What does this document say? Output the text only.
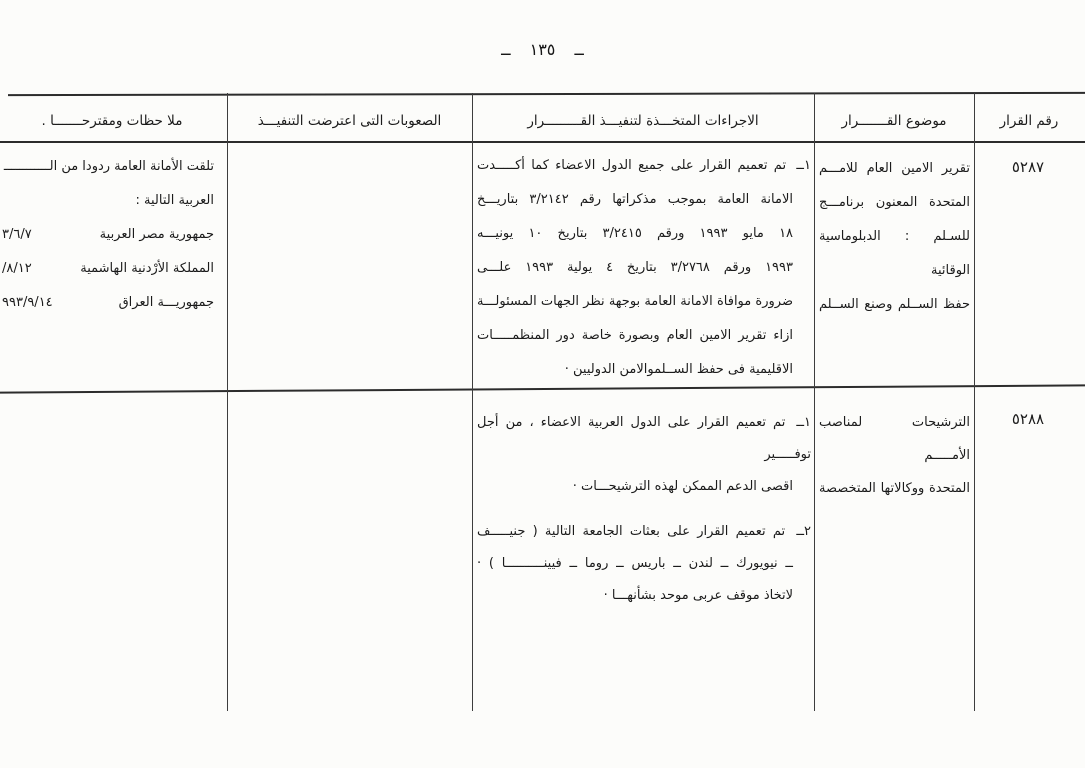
ــ ١٣٥ ــ
رقم القرار
موضوع القـــــــرار
الاجراءات المتخـــذة لتنفيـــذ القـــــــــرار
الصعوبات التى اعترضت التنفيـــذ
ملا حظات ومقترحـــــــا .
٥٢٨٧
تقرير الامين العام للامـــم
المتحدة المعنون برنامـــج
للسـلم : الدبلوماسية الوقائية
حفظ الســلم وصنع الســلم
١ــ تم تعميم القرار على جميع الدول الاعضاء كما أكـــــدت
الامانة العامة بموجب مذكراتها رقم ٣/٢١٤٢ بتاريـــخ
١٨ مايو ١٩٩٣ ورقم ٣/٢٤١٥ بتاريخ ١٠ يونيـــه
١٩٩٣ ورقم ٣/٢٧٦٨ بتاريخ ٤ يولية ١٩٩٣ علـــى
ضرورة موافاة الامانة العامة بوجهة نظر الجهات المسئولـــة
ازاء تقرير الامين العام وبصورة خاصة دور المنظمـــــات
الاقليمية فى حفظ الســلموالامن الدوليين ·
تلقت الأمانة العامة ردودا من الــــــــــــ
العربية التالية :
جمهورية مصر العربية
٣/٦/٧
المملكة الأرْدنية الهاشمية
/٨/١٢
جمهوريـــة العراق
٩٩٣/٩/١٤
٥٢٨٨
الترشيحات لمناصب الأمـــــم
المتحدة ووكالاتها المتخصصة
١ــ تم تعميم القرار على الدول العربية الاعضاء ، من أجل توفـــــير
اقصى الدعم الممكن لهذه الترشيحـــات ·
٢ــ تم تعميم القرار على بعثات الجامعة التالية ( جنيـــــف
ــ نيويورك ــ لندن ــ باريس ــ روما ــ فيينــــــــــا ) ·
لاتخاذ موقف عربى موحد بشأنهـــا ·
